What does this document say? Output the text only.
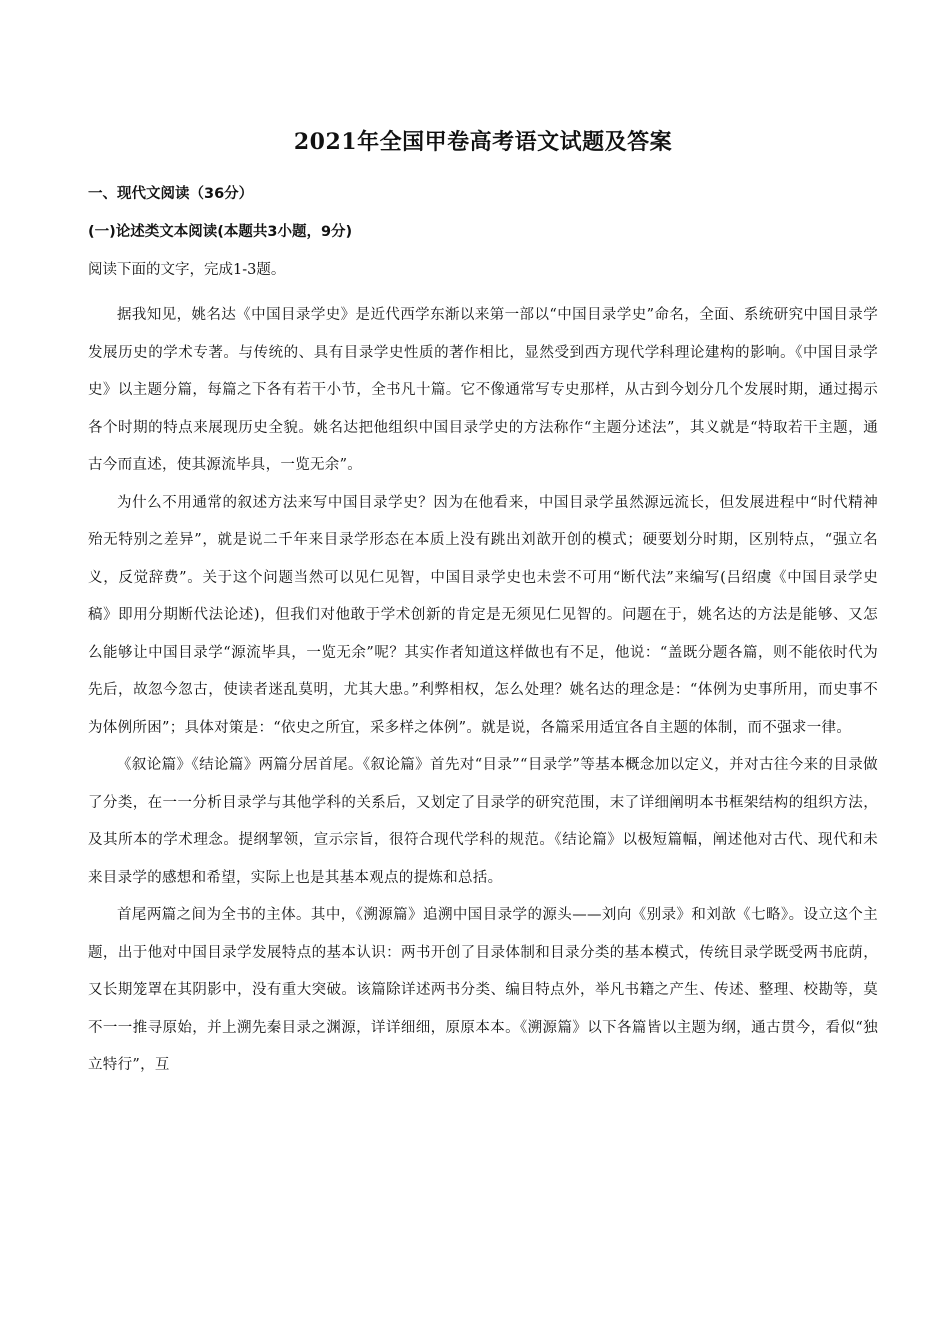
2021年全国甲卷高考语文试题及答案
一、现代文阅读（36分）
(一)论述类文本阅读(本题共3小题，9分)
阅读下面的文字，完成1-3题。

据我知见，姚名达《中国目录学史》是近代西学东渐以来第一部以“中国目录学史”命名，全面、系统研究中国目录学发展历史的学术专著。与传统的、具有目录学史性质的著作相比，显然受到西方现代学科理论建构的影响。《中国目录学史》以主题分篇，每篇之下各有若干小节，全书凡十篇。它不像通常写专史那样，从古到今划分几个发展时期，通过揭示各个时期的特点来展现历史全貌。姚名达把他组织中国目录学史的方法称作“主题分述法”，其义就是“特取若干主题，通古今而直述，使其源流毕具，一览无余”。

为什么不用通常的叙述方法来写中国目录学史？因为在他看来，中国目录学虽然源远流长，但发展进程中“时代精神殆无特别之差异”，就是说二千年来目录学形态在本质上没有跳出刘歆开创的模式；硬要划分时期，区别特点，“强立名义，反觉辞费”。关于这个问题当然可以见仁见智，中国目录学史也未尝不可用“断代法”来编写(吕绍虞《中国目录学史稿》即用分期断代法论述)，但我们对他敢于学术创新的肯定是无须见仁见智的。问题在于，姚名达的方法是能够、又怎么能够让中国目录学“源流毕具，一览无余”呢？其实作者知道这样做也有不足，他说：“盖既分题各篇，则不能依时代为先后，故忽今忽古，使读者迷乱莫明，尤其大患。”利弊相权，怎么处理？姚名达的理念是：“体例为史事所用，而史事不为体例所困”；具体对策是：“依史之所宜，采多样之体例”。就是说，各篇采用适宜各自主题的体制，而不强求一律。

《叙论篇》《结论篇》两篇分居首尾。《叙论篇》首先对“目录”“目录学”等基本概念加以定义，并对古往今来的目录做了分类，在一一分析目录学与其他学科的关系后，又划定了目录学的研究范围，末了详细阐明本书框架结构的组织方法，及其所本的学术理念。提纲挈领，宣示宗旨，很符合现代学科的规范。《结论篇》以极短篇幅，阐述他对古代、现代和未来目录学的感想和希望，实际上也是其基本观点的提炼和总括。

首尾两篇之间为全书的主体。其中，《溯源篇》追溯中国目录学的源头——刘向《别录》和刘歆《七略》。设立这个主题，出于他对中国目录学发展特点的基本认识：两书开创了目录体制和目录分类的基本模式，传统目录学既受两书庇荫，又长期笼罩在其阴影中，没有重大突破。该篇除详述两书分类、编目特点外，举凡书籍之产生、传述、整理、校勘等，莫不一一推寻原始，并上溯先秦目录之渊源，详详细细，原原本本。《溯源篇》以下各篇皆以主题为纲，通古贯今，看似“独立特行”，互
